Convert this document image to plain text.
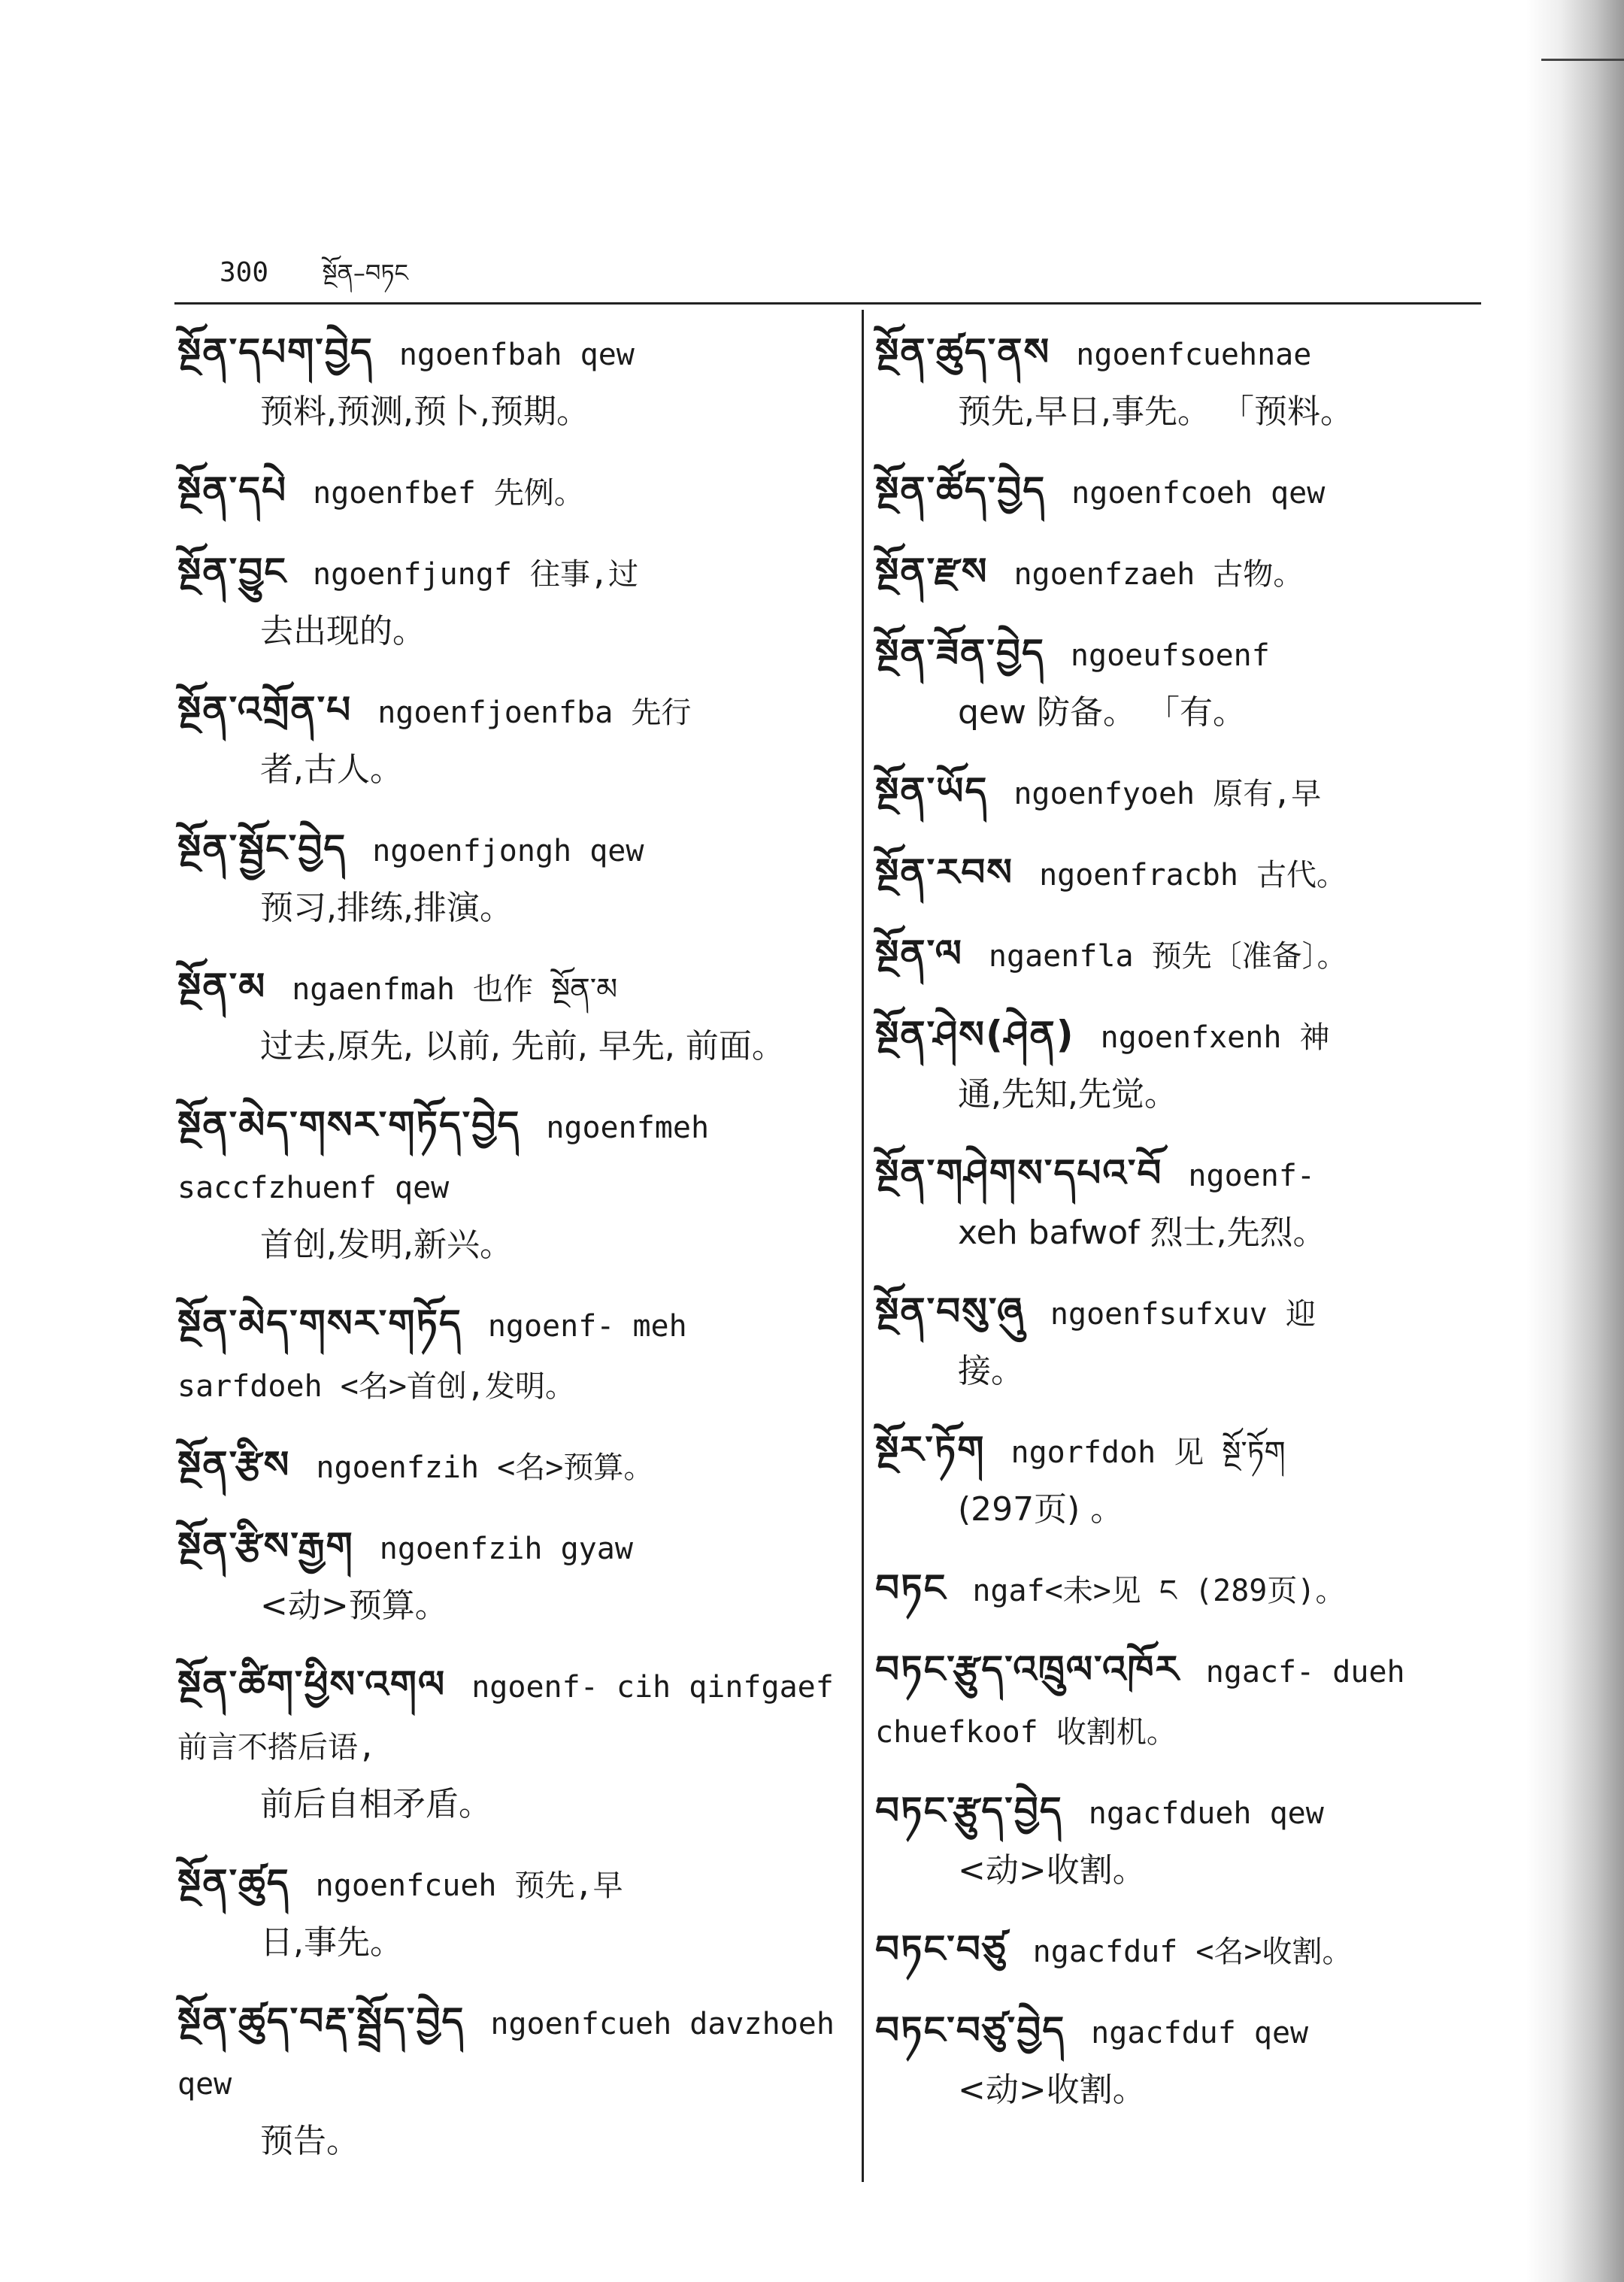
300 སྔོན–བཏང
སྔོན་དཔག་བྱེད ngoenfbah qew
预料,预测,预卜,预期。
སྔོན་དཔེ ngoenfbef 先例。
སྔོན་བྱུང ngoenfjungf 往事,过
去出现的。
སྔོན་འགྲོན་པ ngoenfjoenfba 先行
者,古人。
སྔོན་སྦྱོང་བྱེད ngoenfjongh qew
预习,排练,排演。
སྔོན་མ ngaenfmah 也作 སྔོན་མ
过去,原先, 以前, 先前, 早先, 前面。
སྔོན་མེད་གསར་གཏོད་བྱེད ngoenfmeh saccfzhuenf qew
首创,发明,新兴。
སྔོན་མེད་གསར་གཏོད ngoenf- meh sarfdoeh <名>首创,发明。
སྔོན་རྩིས ngoenfzih <名>预算。
སྔོན་རྩིས་རྒྱག ngoenfzih gyaw
<动>预算。
སྔོན་ཚིག་ཕྱིས་འགལ ngoenf- cih qinfgaef 前言不搭后语,
前后自相矛盾。
སྔོན་ཚུད ngoenfcueh 预先,早
日,事先。
སྔོན་ཚུད་བརྡ་སྦྲོད་བྱེད ngoenfcueh davzhoeh qew
预告。
སྔོན་ཚུད་ནས ngoenfcuehnae
预先,早日,事先。 「预料。
སྔོན་ཚོད་བྱེད ngoenfcoeh qew
སྔོན་རྫས ngoenfzaeh 古物。
སྔོན་ཟོན་བྱེད ngoeufsoenf
qew 防备。 「有。
སྔོན་ཡོད ngoenfyoeh 原有,早
སྔོན་རབས ngoenfracbh 古代。
སྔོན་ལ ngaenfla 预先〔准备〕。
སྔོན་ཤེས(ཤེན) ngoenfxenh 神
通,先知,先觉。
སྔོན་གཤེགས་དཔའ་བོ ngoenf-
xeh bafwof 烈士,先烈。
སྔོན་བསུ་ཞུ ngoenfsufxuv 迎
接。
སྔོར་ཏོག ngorfdoh 见 སྔོ་ཏོག
(297页) 。
བཏང ngaf<未>见 ང (289页)。
བཏང་རྩུད་འཁྲུལ་འཁོར ngacf- dueh chuefkoof 收割机。
བཏང་རྩུད་བྱེད ngacfdueh qew
<动>收割。
བཏང་བཙུ ngacfduf <名>收割。
བཏང་བཙུ་བྱེད ngacfduf qew
<动>收割。
